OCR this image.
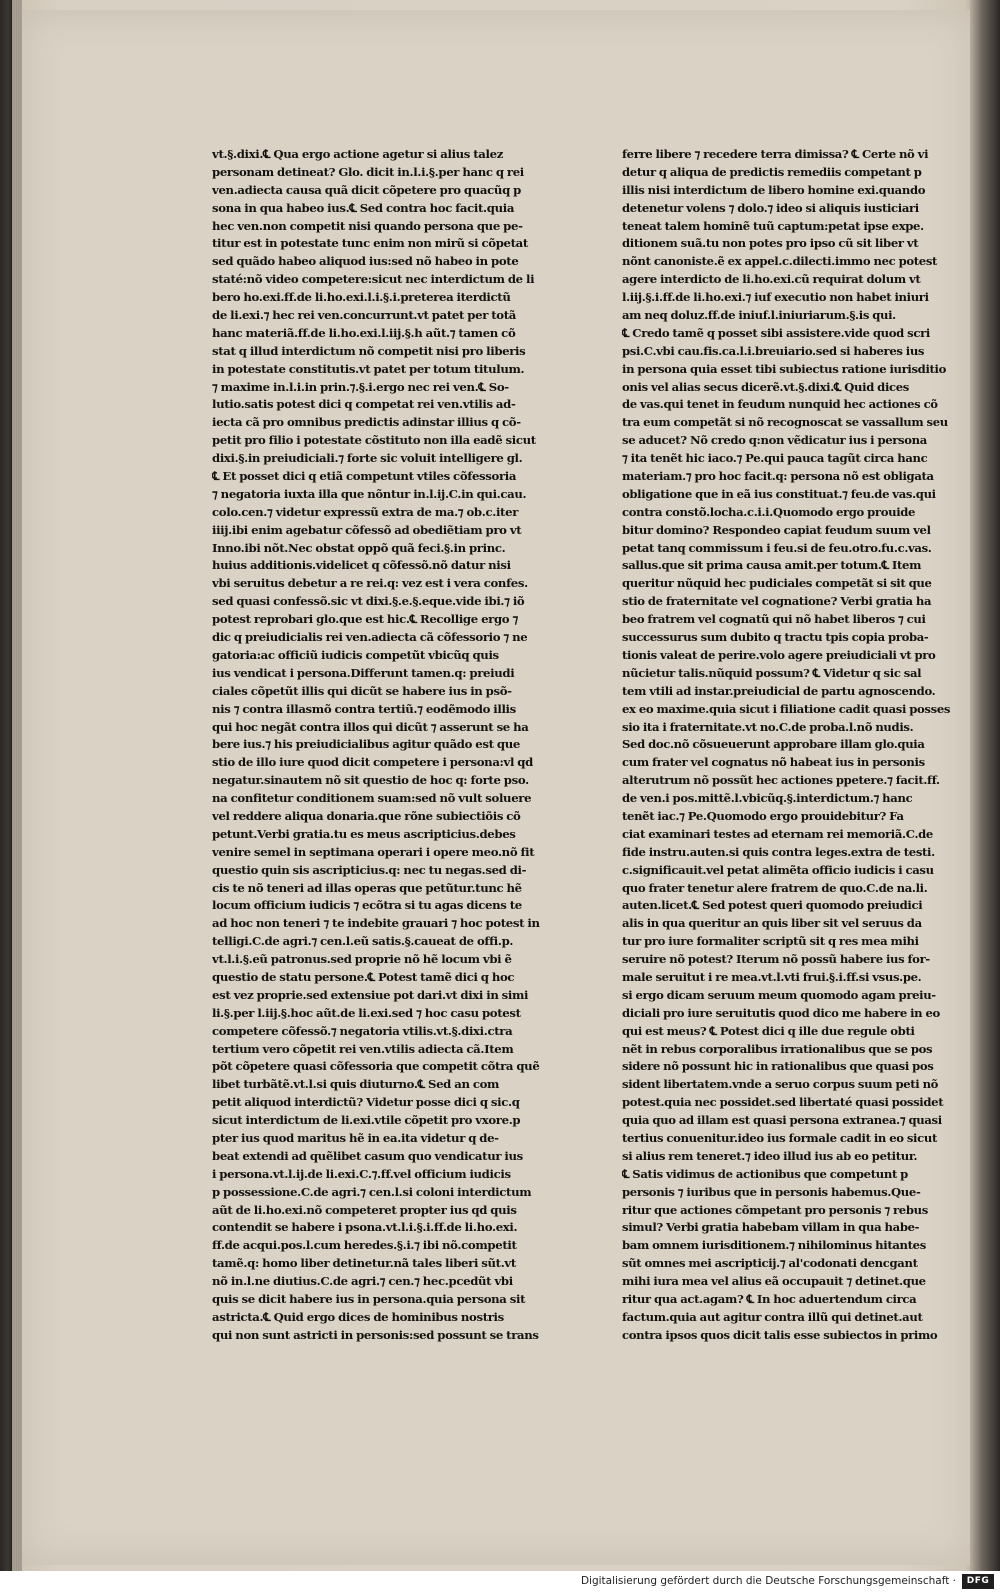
vt.§.dixi.℄ Qua ergo actione agetur si alius talez
personam detineat? Glo. dicit in.l.i.§.per hanc q rei
ven.adiecta causa quã dicit cõpetere pro quacũq p
sona in qua habeo ius.℄ Sed contra hoc facit.quia
hec ven.non competit nisi quando persona que pe-
titur est in potestate tunc enim non mirũ si cõpetat
sed quãdo habeo aliquod ius:sed nõ habeo in pote
staté:nõ video competere:sicut nec interdictum de li
bero ho.exi.ff.de li.ho.exi.l.i.§.i.preterea iterdictũ
de li.exi.⁊ hec rei ven.concurrunt.vt patet per totã
hanc materiã.ff.de li.ho.exi.l.iij.§.h aũt.⁊ tamen cõ
stat q illud interdictum nõ competit nisi pro liberis
in potestate constitutis.vt patet per totum titulum.
⁊ maxime in.l.i.in prin.⁊.§.i.ergo nec rei ven.℄ So-
lutio.satis potest dici q competat rei ven.vtilis ad-
iecta cã pro omnibus predictis adinstar illius q cõ-
petit pro filio i potestate cõstituto non illa eadẽ sicut
dixi.§.in preiudiciali.⁊ forte sic voluit intelligere gl.
℄ Et posset dici q etiã competunt vtiles cõfessoria
⁊ negatoria iuxta illa que nõntur in.l.ij.C.in qui.cau.
colo.cen.⁊ videtur expressũ extra de ma.⁊ ob.c.iter
iiij.ibi enim agebatur cõfessõ ad obediẽtiam pro vt
Inno.ibi nõt.Nec obstat oppõ quã feci.§.in princ.
huius additionis.videlicet q cõfessõ.nõ datur nisi
vbi seruitus debetur a re rei.q: vez est i vera confes.
sed quasi confessõ.sic vt dixi.§.e.§.eque.vide ibi.⁊ iõ
potest reprobari glo.que est hic.℄ Recollige ergo ⁊
dic q preiudicialis rei ven.adiecta cã cõfessorio ⁊ ne
gatoria:ac officiũ iudicis competũt vbicũq quis
ius vendicat i persona.Differunt tamen.q: preiudi
ciales cõpetũt illis qui dicũt se habere ius in psõ-
nis ⁊ contra illasmõ contra tertiũ.⁊ eodẽmodo illis
qui hoc negãt contra illos qui dicũt ⁊ asserunt se ha
bere ius.⁊ his preiudicialibus agitur quãdo est que
stio de illo iure quod dicit competere i persona:vl qd
negatur.sinautem nõ sit questio de hoc q: forte pso.
na confitetur conditionem suam:sed nõ vult soluere
vel reddere aliqua donaria.que rõne subiectiõis cõ
petunt.Verbi gratia.tu es meus ascripticius.debes
venire semel in septimana operari i opere meo.nõ fit
questio quin sis ascripticius.q: nec tu negas.sed di-
cis te nõ teneri ad illas operas que petũtur.tunc hẽ
locum officium iudicis ⁊ ecõtra si tu agas dicens te
ad hoc non teneri ⁊ te indebite grauari ⁊ hoc potest in
telligi.C.de agri.⁊ cen.l.eũ satis.§.caueat de offi.p.
vt.l.i.§.eũ patronus.sed proprie nõ hẽ locum vbi ẽ
questio de statu persone.℄ Potest tamẽ dici q hoc
est vez proprie.sed extensiue pot dari.vt dixi in simi
li.§.per l.iij.§.hoc aũt.de li.exi.sed ⁊ hoc casu potest
competere cõfessõ.⁊ negatoria vtilis.vt.§.dixi.ctra
tertium vero cõpetit rei ven.vtilis adiecta cã.Item
põt cõpetere quasi cõfessoria que competit cõtra quẽ
libet turbãtẽ.vt.l.si quis diuturno.℄ Sed an com
petit aliquod interdictũ? Videtur posse dici q sic.q
sicut interdictum de li.exi.vtile cõpetit pro vxore.p
pter ius quod maritus hẽ in ea.ita videtur q de-
beat extendi ad quẽlibet casum quo vendicatur ius
i persona.vt.l.ij.de li.exi.C.⁊.ff.vel officium iudicis
p possessione.C.de agri.⁊ cen.l.si coloni interdictum
aũt de li.ho.exi.nõ competeret propter ius qd quis
contendit se habere i psona.vt.l.i.§.i.ff.de li.ho.exi.
ff.de acqui.pos.l.cum heredes.§.i.⁊ ibi nõ.competit
tamẽ.q: homo liber detinetur.nã tales liberi sũt.vt
nõ in.l.ne diutius.C.de agri.⁊ cen.⁊ hec.pcedũt vbi
quis se dicit habere ius in persona.quia persona sit
astricta.℄ Quid ergo dices de hominibus nostris
qui non sunt astricti in personis:sed possunt se trans
ferre libere ⁊ recedere terra dimissa? ℄ Certe nõ vi
detur q aliqua de predictis remediis competant p
illis nisi interdictum de libero homine exi.quando
detenetur volens ⁊ dolo.⁊ ideo si aliquis iusticiari
teneat talem hominẽ tuũ captum:petat ipse expe.
ditionem suã.tu non potes pro ipso cũ sit liber vt
nõnt canoniste.ẽ ex appel.c.dilecti.immo nec potest
agere interdicto de li.ho.exi.cũ requirat dolum vt
l.iij.§.i.ff.de li.ho.exi.⁊ iuf executio non habet iniuri
am neq doluz.ff.de iniuf.l.iniuriarum.§.is qui.
℄ Credo tamẽ q posset sibi assistere.vide quod scri
psi.C.vbi cau.fis.ca.l.i.breuiario.sed si haberes ius
in persona quia esset tibi subiectus ratione iurisditio
onis vel alias secus dicerẽ.vt.§.dixi.℄ Quid dices
de vas.qui tenet in feudum nunquid hec actiones cõ
tra eum competãt si nõ recognoscat se vassallum seu
se aducet? Nõ credo q:non vẽdicatur ius i persona
⁊ ita tenẽt hic iaco.⁊ Pe.qui pauca tagũt circa hanc
materiam.⁊ pro hoc facit.q: persona nõ est obligata
obligatione que in eã ius constituat.⁊ feu.de vas.qui
contra constõ.locha.c.i.i.Quomodo ergo prouide
bitur domino? Respondeo capiat feudum suum vel
petat tanq commissum i feu.si de feu.otro.fu.c.vas.
sallus.que sit prima causa amit.per totum.℄ Item
queritur nũquid hec pudiciales competãt si sit que
stio de fraternitate vel cognatione? Verbi gratia ha
beo fratrem vel cognatũ qui nõ habet liberos ⁊ cui
successurus sum dubito q tractu tpis copia proba-
tionis valeat de perire.volo agere preiudiciali vt pro
nũcietur talis.nũquid possum? ℄ Videtur q sic sal
tem vtili ad instar.preiudicial de partu agnoscendo.
ex eo maxime.quia sicut i filiatione cadit quasi posses
sio ita i fraternitate.vt no.C.de proba.l.nõ nudis.
Sed doc.nõ cõsueuerunt approbare illam glo.quia
cum frater vel cognatus nõ habeat ius in personis
alterutrum nõ possũt hec actiones ppetere.⁊ facit.ff.
de ven.i pos.mittẽ.l.vbicũq.§.interdictum.⁊ hanc
tenẽt iac.⁊ Pe.Quomodo ergo prouidebitur? Fa
ciat examinari testes ad eternam rei memoriã.C.de
fide instru.auten.si quis contra leges.extra de testi.
c.significauit.vel petat alimẽta officio iudicis i casu
quo frater tenetur alere fratrem de quo.C.de na.li.
auten.licet.℄ Sed potest queri quomodo preiudici
alis in qua queritur an quis liber sit vel seruus da
tur pro iure formaliter scriptũ sit q res mea mihi
seruire nõ potest? Iterum nõ possũ habere ius for-
male seruitut i re mea.vt.l.vti frui.§.i.ff.si vsus.pe.
si ergo dicam seruum meum quomodo agam preiu-
diciali pro iure seruitutis quod dico me habere in eo
qui est meus? ℄ Potest dici q ille due regule obti
nẽt in rebus corporalibus irrationalibus que se pos
sidere nõ possunt hic in rationalibus que quasi pos
sident libertatem.vnde a seruo corpus suum peti nõ
potest.quia nec possidet.sed libertaté quasi possidet
quia quo ad illam est quasi persona extranea.⁊ quasi
tertius conuenitur.ideo ius formale cadit in eo sicut
si alius rem teneret.⁊ ideo illud ius ab eo petitur.
℄ Satis vidimus de actionibus que competunt p
personis ⁊ iuribus que in personis habemus.Que-
ritur que actiones cõmpetant pro personis ⁊ rebus
simul? Verbi gratia habebam villam in qua habe-
bam omnem iurisditionem.⁊ nihilominus hitantes
sũt omnes mei ascripticij.⁊ al'codonati dencgant
mihi iura mea vel alius eã occupauit ⁊ detinet.que
ritur qua act.agam? ℄ In hoc aduertendum circa
factum.quia aut agitur contra illũ qui detinet.aut
contra ipsos quos dicit talis esse subiectos in primo
Digitalisierung gefördert durch die Deutsche Forschungsgemeinschaft ·	DFG
